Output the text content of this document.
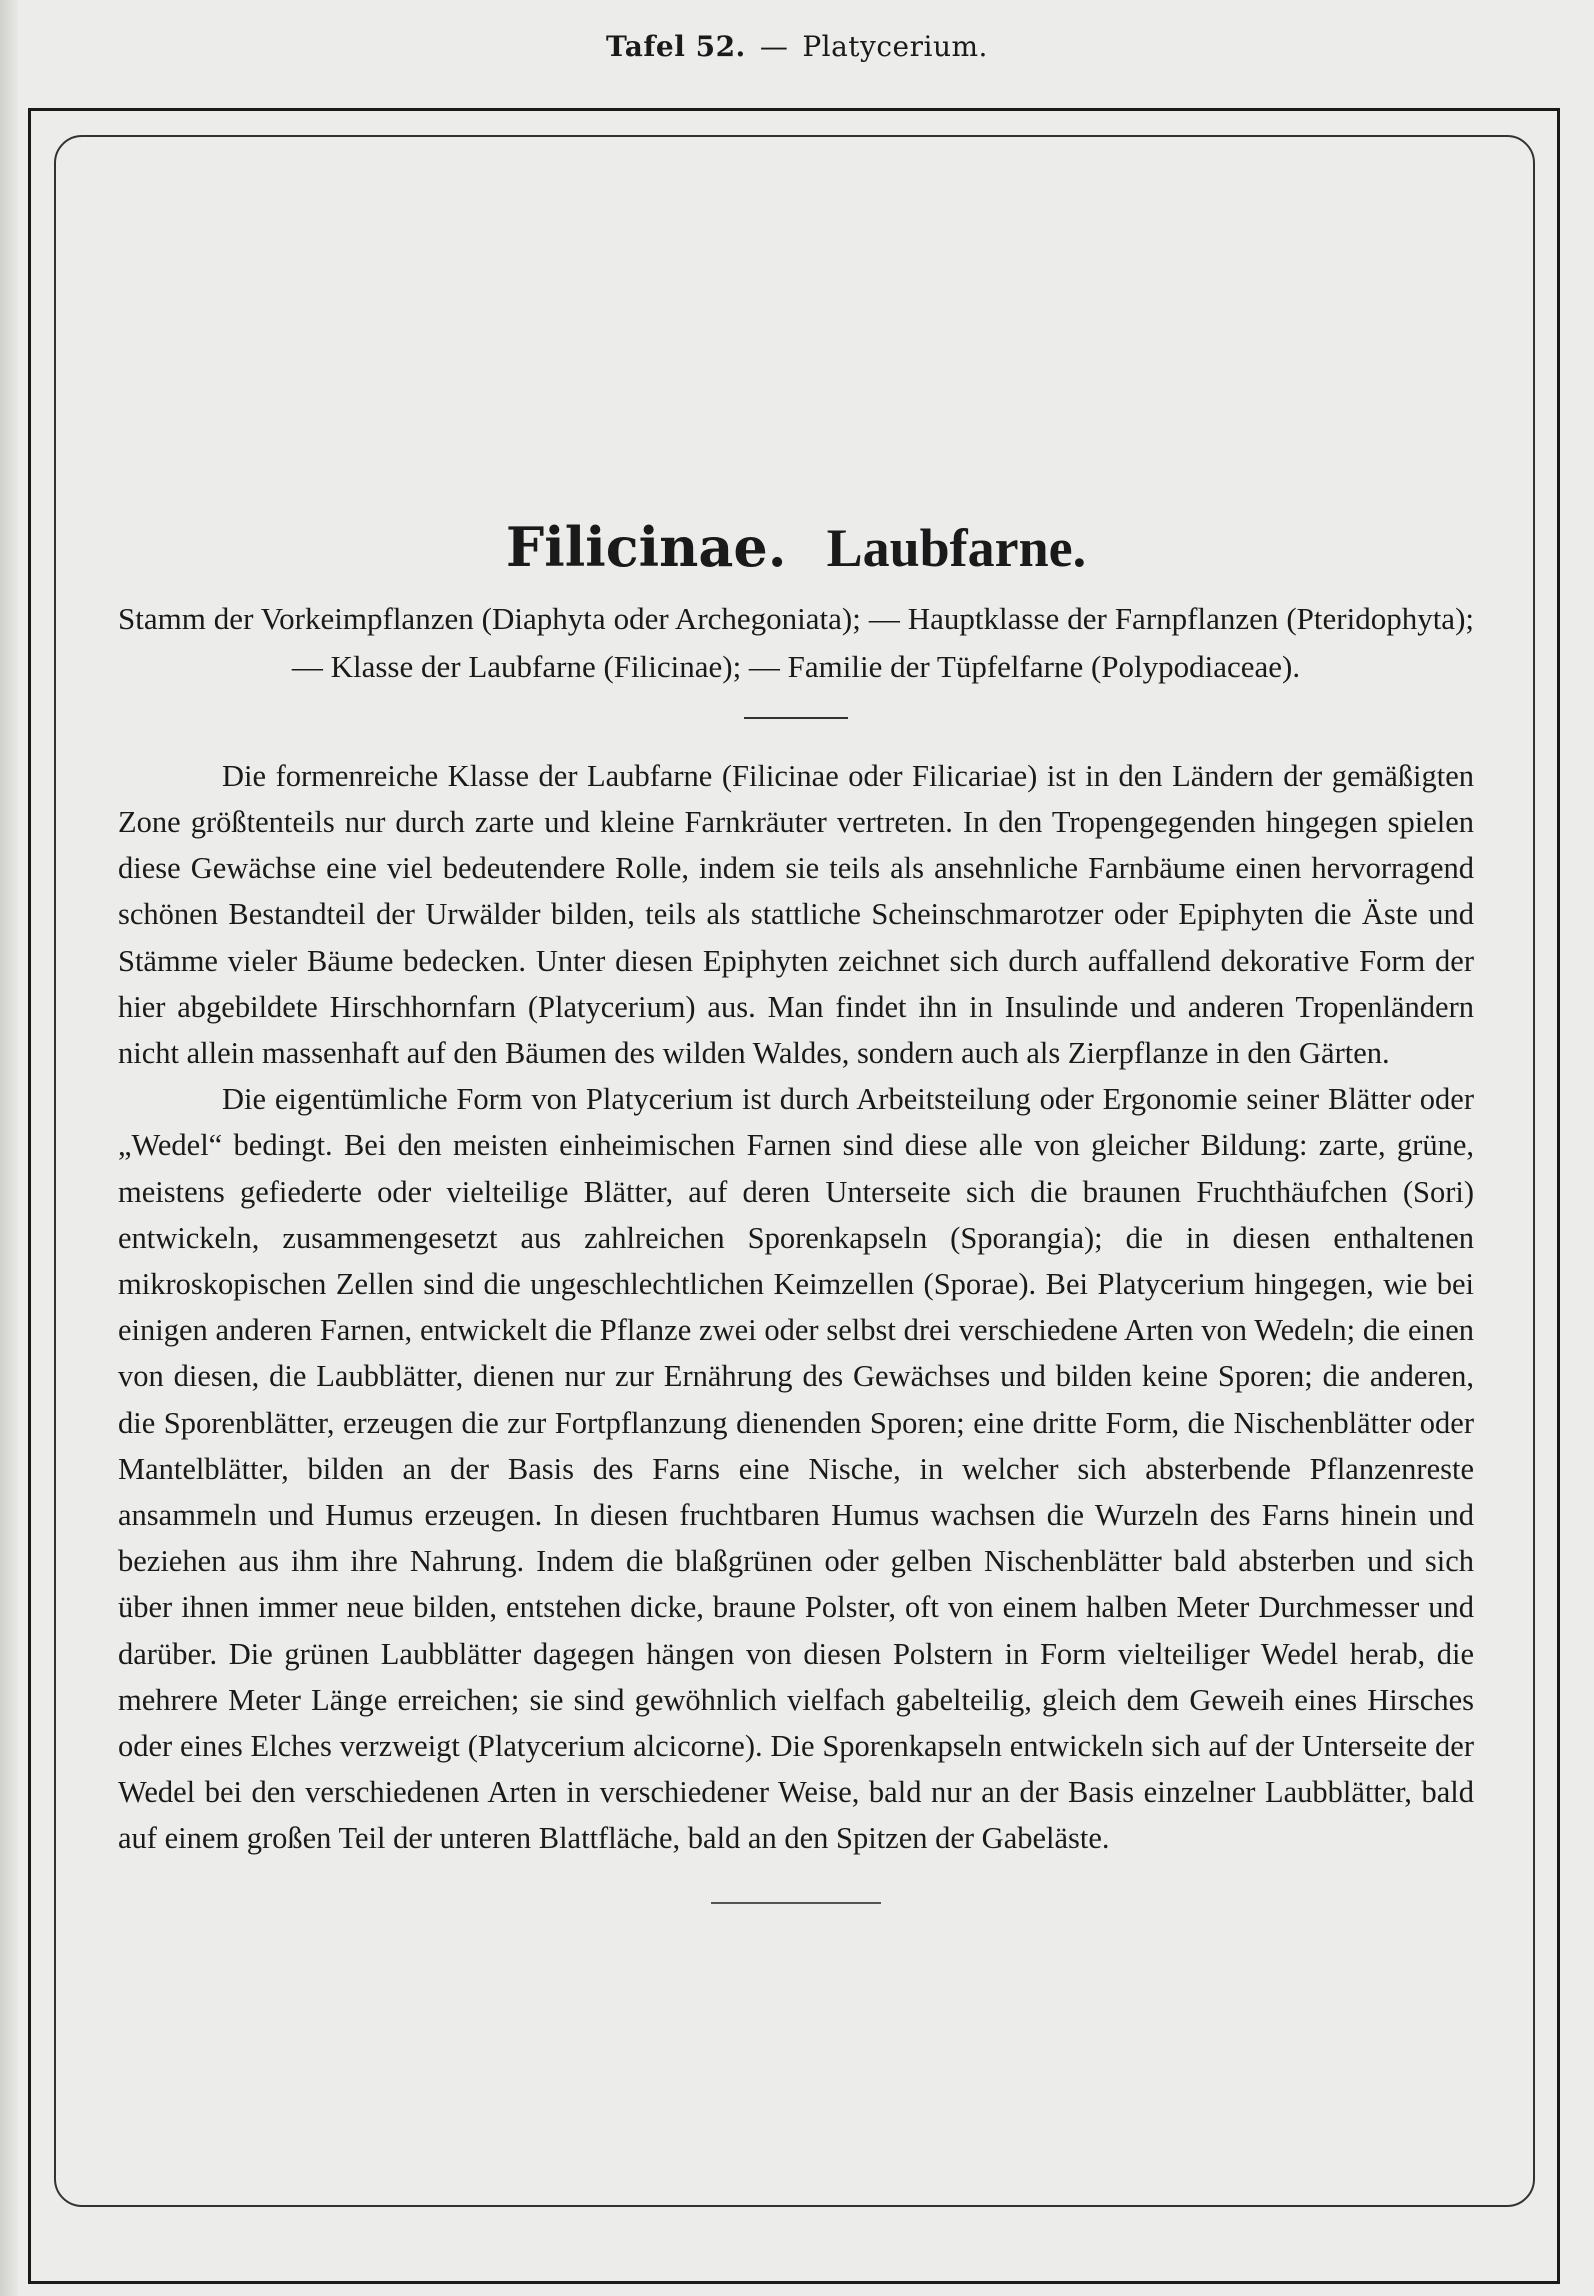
Tafel 52. — Platycerium.
Filicinae. Laubfarne.

Stamm der Vorkeimpflanzen (Diaphyta oder Archegoniata); — Hauptklasse der Farnpflanzen (Pteridophyta); — Klasse der Laubfarne (Filicinae); — Familie der Tüpfelfarne (Polypodiaceae).

Die formenreiche Klasse der Laubfarne (Filicinae oder Filicariae) ist in den Ländern der gemäßigten Zone größtenteils nur durch zarte und kleine Farnkräuter vertreten. In den Tropengegenden hingegen spielen diese Gewächse eine viel bedeutendere Rolle, indem sie teils als ansehnliche Farnbäume einen hervorragend schönen Bestandteil der Urwälder bilden, teils als stattliche Scheinschmarotzer oder Epiphyten die Äste und Stämme vieler Bäume bedecken. Unter diesen Epiphyten zeichnet sich durch auffallend dekorative Form der hier abgebildete Hirschhornfarn (Platycerium) aus. Man findet ihn in Insulinde und anderen Tropenländern nicht allein massenhaft auf den Bäumen des wilden Waldes, sondern auch als Zierpflanze in den Gärten.

Die eigentümliche Form von Platycerium ist durch Arbeitsteilung oder Ergonomie seiner Blätter oder „Wedel“ bedingt. Bei den meisten einheimischen Farnen sind diese alle von gleicher Bildung: zarte, grüne, meistens gefiederte oder vielteilige Blätter, auf deren Unterseite sich die braunen Fruchthäufchen (Sori) entwickeln, zusammengesetzt aus zahlreichen Sporenkapseln (Sporangia); die in diesen enthaltenen mikroskopischen Zellen sind die ungeschlechtlichen Keimzellen (Sporae). Bei Platycerium hingegen, wie bei einigen anderen Farnen, entwickelt die Pflanze zwei oder selbst drei verschiedene Arten von Wedeln; die einen von diesen, die Laubblätter, dienen nur zur Ernährung des Gewächses und bilden keine Sporen; die anderen, die Sporenblätter, erzeugen die zur Fortpflanzung dienenden Sporen; eine dritte Form, die Nischenblätter oder Mantelblätter, bilden an der Basis des Farns eine Nische, in welcher sich absterbende Pflanzenreste ansammeln und Humus erzeugen. In diesen fruchtbaren Humus wachsen die Wurzeln des Farns hinein und beziehen aus ihm ihre Nahrung. Indem die blaßgrünen oder gelben Nischenblätter bald absterben und sich über ihnen immer neue bilden, entstehen dicke, braune Polster, oft von einem halben Meter Durchmesser und darüber. Die grünen Laubblätter dagegen hängen von diesen Polstern in Form vielteiliger Wedel herab, die mehrere Meter Länge erreichen; sie sind gewöhnlich vielfach gabelteilig, gleich dem Geweih eines Hirsches oder eines Elches verzweigt (Platycerium alcicorne). Die Sporenkapseln entwickeln sich auf der Unterseite der Wedel bei den verschiedenen Arten in verschiedener Weise, bald nur an der Basis einzelner Laubblätter, bald auf einem großen Teil der unteren Blattfläche, bald an den Spitzen der Gabeläste.
